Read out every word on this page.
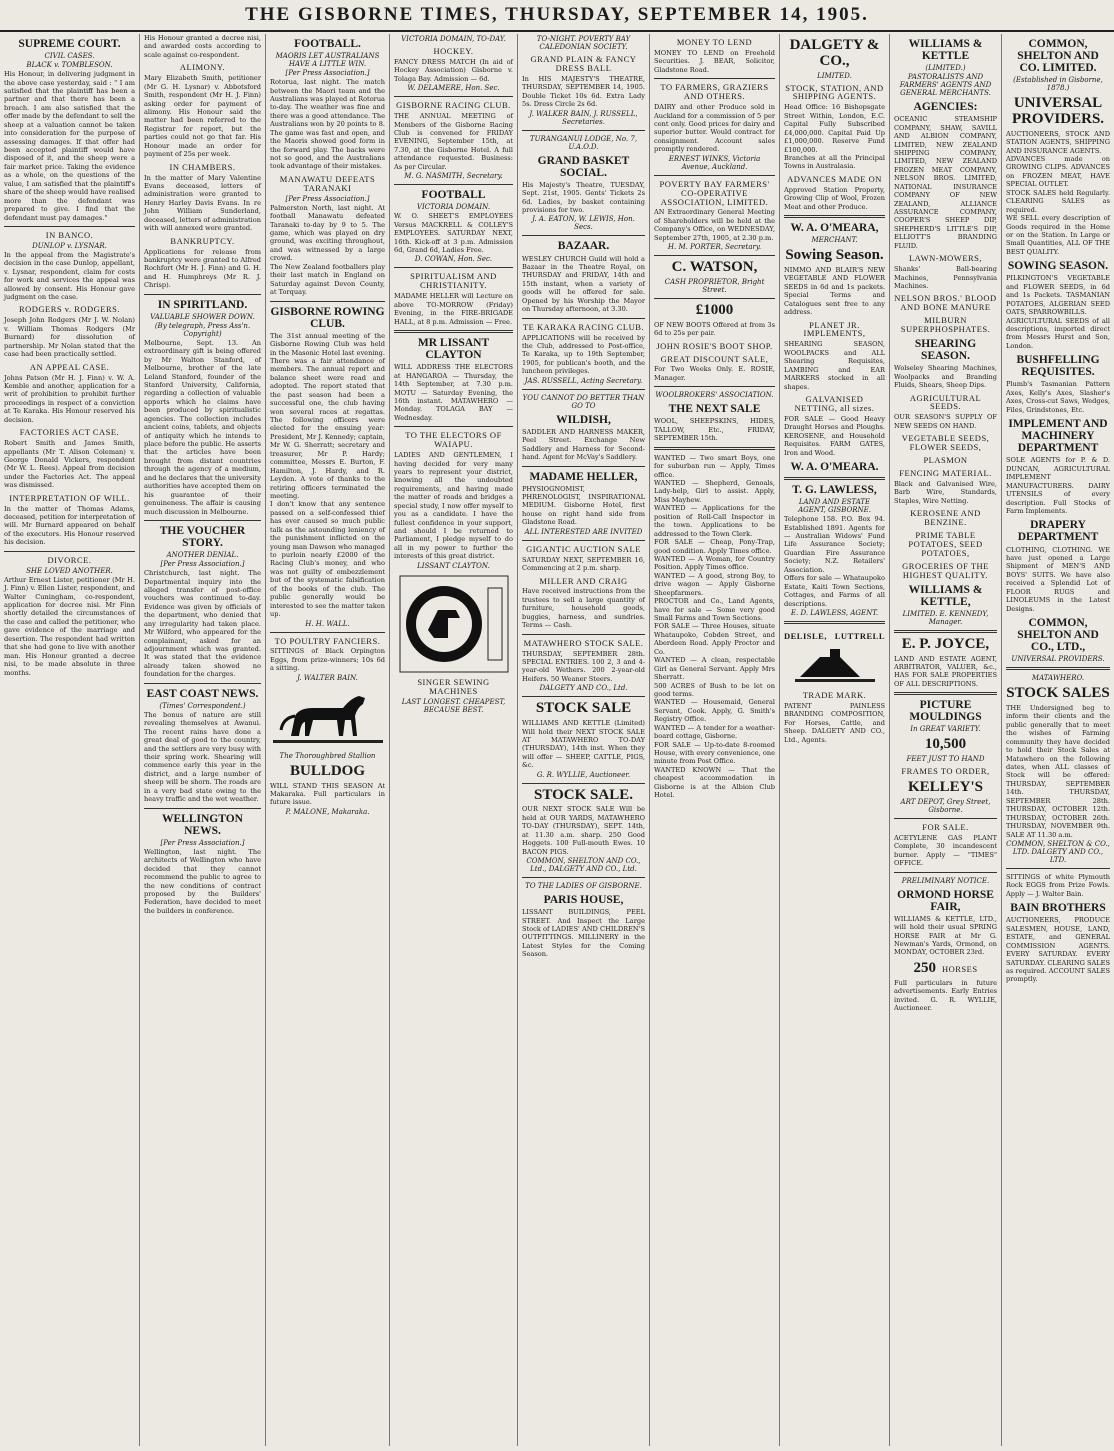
THE GISBORNE TIMES, THURSDAY, SEPTEMBER 14, 1905.
SUPREME COURT.
CIVIL CASES.
BLACK v. TOMBLESON.

His Honour, in delivering judgment in the above case yesterday, said : " I am satisfied that the plaintiff has been a partner and that there has been a breach. I am also satisfied that the offer made by the defendant to sell the sheep at a valuation cannot be taken into consideration for the purpose of assessing damages. If that offer had been accepted plaintiff would have disposed of it, and the sheep were a fair market price. Taking the evidence as a whole, on the questions of the value, I am satisfied that the plaintiff's share of the sheep would have realised more than the defendant was prepared to give. I find that the defendant must pay damages."

IN BANCO.
DUNLOP v. LYSNAR.

In the appeal from the Magistrate's decision in the case Dunlop, appellant, v. Lysnar, respondent, claim for costs for work and services the appeal was allowed by consent. His Honour gave judgment on the case.

RODGERS v. RODGERS.

Joseph John Rodgers (Mr J. W. Nolan) v. William Thomas Rodgers (Mr Burnard) for dissolution of partnership. Mr Nolan stated that the case had been practically settled.

AN APPEAL CASE.

Johns Patson (Mr H. J. Finn) v. W. A. Kemble and another, application for a writ of prohibition to prohibit further proceedings in respect of a conviction at Te Karaka. His Honour reserved his decision.

FACTORIES ACT CASE.

Robert Smith and James Smith, appellants (Mr T. Alison Coleman) v. George Donald Vickers, respondent (Mr W. L. Rees). Appeal from decision under the Factories Act. The appeal was dismissed.

INTERPRETATION OF WILL.

In the matter of Thomas Adams, deceased, petition for interpretation of will. Mr Burnard appeared on behalf of the executors. His Honour reserved his decision.

DIVORCE.
SHE LOVED ANOTHER.

Arthur Ernest Lister, petitioner (Mr H. J. Finn) v. Ellen Lister, respondent, and Walter Cuningham, co-respondent, application for decree nisi. Mr Finn shortly detailed the circumstances of the case and called the petitioner, who gave evidence of the marriage and desertion. The respondent had written that she had gone to live with another man. His Honour granted a decree nisi, to be made absolute in three months.

His Honour granted a decree nisi, and awarded costs according to scale against co-respondent.

ALIMONY.

Mary Elizabeth Smith, petitioner (Mr G. H. Lysnar) v. Abbotsford Smith, respondent (Mr H. J. Finn) asking order for payment of alimony. His Honour said the matter had been referred to the Registrar for report, but the parties could not go that far. His Honour made an order for payment of 25s per week.

IN CHAMBERS.

In the matter of Mary Valentine Evans deceased, letters of administration were granted to Henry Harley Davis Evans. In re John William Sunderland, deceased, letters of administration with will annexed were granted.

BANKRUPTCY.

Applications for release from bankruptcy were granted to Alfred Rochfort (Mr H. J. Finn) and G. H. and H. Humphreys (Mr R. J. Chrisp).

IN SPIRITLAND.
VALUABLE SHOWER DOWN.
(By telegraph, Press Ass'n. Copyright)

Melbourne, Sept. 13. An extraordinary gift is being offered by Mr Walton Stanford, of Melbourne, brother of the late Leland Stanford, founder of the Stanford University, California, regarding a collection of valuable apports which he claims have been produced by spiritualistic agencies. The collection includes ancient coins, tablets, and objects of antiquity which he intends to place before the public. He asserts that the articles have been brought from distant countries through the agency of a medium, and he declares that the university authorities have accepted them on his guarantee of their genuineness. The affair is causing much discussion in Melbourne.

THE VOUCHER STORY.
ANOTHER DENIAL.
[Per Press Association.]

Christchurch, last night. The Departmental inquiry into the alleged transfer of post-office vouchers was continued to-day. Evidence was given by officials of the department, who denied that any irregularity had taken place. Mr Wilford, who appeared for the complainant, asked for an adjournment which was granted. It was stated that the evidence already taken showed no foundation for the charges.

EAST COAST NEWS.
(Times' Correspondent.)

The bonus of nature are still revealing themselves at Awanui. The recent rains have done a great deal of good to the country, and the settlers are very busy with their spring work. Shearing will commence early this year in the district, and a large number of sheep will be shorn. The roads are in a very bad state owing to the heavy traffic and the wet weather.

WELLINGTON NEWS.
[Per Press Association.]

Wellington, last night. The architects of Wellington who have decided that they cannot recommend the public to agree to the new conditions of contract proposed by the Builders' Federation, have decided to meet the builders in conference.

FOOTBALL.
MAORIS LET AUSTRALIANS HAVE A LITTLE WIN.
[Per Press Association.]

Rotorua, last night. The match between the Maori team and the Australians was played at Rotorua to-day. The weather was fine and there was a good attendance. The Australians won by 20 points to 8. The game was fast and open, and the Maoris showed good form in the forward play. The backs were not so good, and the Australians took advantage of their mistakes.

MANAWATU DEFEATS TARANAKI
[Per Press Association.]

Palmerston North, last night. At football Manawatu defeated Taranaki to-day by 9 to 5. The game, which was played on dry ground, was exciting throughout, and was witnessed by a large crowd.

The New Zealand footballers play their last match in England on Saturday against Devon County, at Torquay.

GISBORNE ROWING CLUB.

The 31st annual meeting of the Gisborne Rowing Club was held in the Masonic Hotel last evening. There was a fair attendance of members. The annual report and balance sheet were read and adopted. The report stated that the past season had been a successful one, the club having won several races at regattas. The following officers were elected for the ensuing year: President, Mr J. Kennedy; captain, Mr W. G. Sherratt; secretary and treasurer, Mr P. Hardy; committee, Messrs E. Burton, F. Hamilton, J. Hardy, and R. Leyden. A vote of thanks to the retiring officers terminated the meeting.

I don't know that any sentence passed on a self-confessed thief has ever caused so much public talk as the astounding leniency of the punishment inflicted on the young man Dawson who managed to purloin nearly £2000 of the Racing Club's money, and who was not guilty of embezzlement but of the systematic falsification of the books of the club. The public generally would be interested to see the matter taken up.

H. H. WALL.
TO POULTRY FANCIERS.

SITTINGS of Black Orpington Eggs, from prize-winners; 10s 6d a sitting.

J. WALTER BAIN.
The Thoroughbred Stallion
BULLDOG

WILL STAND THIS SEASON At Makaraka. Full particulars in future issue.

P. MALONE, Makaraka.
VICTORIA DOMAIN, TO-DAY.
HOCKEY.

FANCY DRESS MATCH (In aid of Hockey Association) Gisborne v. Tolaga Bay. Admission — 6d.

W. DELAMERE, Hon. Sec.
GISBORNE RACING CLUB.

THE ANNUAL MEETING of Members of the Gisborne Racing Club is convened for FRIDAY EVENING, September 15th, at 7.30, at the Gisborne Hotel. A full attendance requested. Business: As per Circular.

M. G. NASMITH, Secretary.
FOOTBALL
VICTORIA DOMAIN.

W. O. SHEET'S EMPLOYEES Versus MACKRELL & COLLEY'S EMPLOYEES. SATURDAY NEXT, 16th. Kick-off at 3 p.m. Admission 6d, Grand 6d, Ladies Free.

D. COWAN, Hon. Sec.
SPIRITUALISM AND CHRISTIANITY.

MADAME HELLER will Lecture on above TO-MORROW (Friday) Evening, in the FIRE-BRIGADE HALL, at 8 p.m. Admission — Free.

MR LISSANT CLAYTON

WILL ADDRESS THE ELECTORS at HANGAROA — Thursday, the 14th September, at 7.30 p.m. MOTU — Saturday Evening, the 16th instant. MATAWHERO — Monday. TOLAGA BAY — Wednesday.

TO THE ELECTORS OF WAIAPU.

LADIES AND GENTLEMEN, I having decided for very many years to represent your district, knowing all the undoubted requirements, and having made the matter of roads and bridges a special study, I now offer myself to you as a candidate. I have the fullest confidence in your support, and should I be returned to Parliament, I pledge myself to do all in my power to further the interests of this great district.

LISSANT CLAYTON.
SINGER SEWING MACHINES
LAST LONGEST. CHEAPEST, BECAUSE BEST.
TO-NIGHT. POVERTY BAY CALEDONIAN SOCIETY.
GRAND PLAIN & FANCY DRESS BALL

In HIS MAJESTY'S THEATRE, THURSDAY, SEPTEMBER 14, 1905. Double Ticket 10s 6d. Extra Lady 5s. Dress Circle 2s 6d.

J. WALKER BAIN, J. RUSSELL, Secretaries.
TURANGANUI LODGE, No. 7, U.A.O.D.
GRAND BASKET SOCIAL.

His Majesty's Theatre, TUESDAY, Sept. 21st, 1905. Gents' Tickets 2s 6d. Ladies, by basket containing provisions for two.

J. A. EATON, W. LEWIS, Hon. Secs.
BAZAAR.

WESLEY CHURCH Guild will hold a Bazaar in the Theatre Royal, on THURSDAY and FRIDAY, 14th and 15th instant, when a variety of goods will be offered for sale. Opened by his Worship the Mayor on Thursday afternoon, at 3.30.

TE KARAKA RACING CLUB.

APPLICATIONS will be received by the Club, addressed to Post-office, Te Karaka, up to 19th September, 1905, for publican's booth, and the luncheon privileges.

JAS. RUSSELL, Acting Secretary.
YOU CANNOT DO BETTER THAN GO TO
WILDISH,

SADDLER AND HARNESS MAKER, Peel Street. Exchange New Saddlery and Harness for Second-hand. Agent for McVay's Saddlery.

MADAME HELLER,

PHYSIOGNOMIST, PHRENOLOGIST, INSPIRATIONAL MEDIUM. Gisborne Hotel, first house on right hand side from Gladstone Road.

ALL INTERESTED ARE INVITED
GIGANTIC AUCTION SALE

SATURDAY NEXT, SEPTEMBER 16, Commencing at 2 p.m. sharp.

MILLER AND CRAIG

Have received instructions from the trustees to sell a large quantity of furniture, household goods, buggies, harness, and sundries. Terms — Cash.

MATAWHERO STOCK SALE.

THURSDAY, SEPTEMBER 28th. SPECIAL ENTRIES. 100 2, 3 and 4-year-old Wethers. 200 2-year-old Heifers. 50 Weaner Steers.

DALGETY AND CO., Ltd.
STOCK SALE

WILLIAMS AND KETTLE (Limited) Will hold their NEXT STOCK SALE AT MATAWHERO TO-DAY (THURSDAY), 14th inst. When they will offer — SHEEP, CATTLE, PIGS, &c.

G. R. WYLLIE, Auctioneer.
STOCK SALE.

OUR NEXT STOCK SALE Will be held at OUR YARDS, MATAWHERO TO-DAY (THURSDAY), SEPT. 14th, at 11.30 a.m. sharp. 250 Good Hoggets. 100 Full-mouth Ewes. 10 BACON PIGS.

COMMON, SHELTON AND CO., Ltd., DALGETY AND CO., Ltd.
TO THE LADIES OF GISBORNE.
PARIS HOUSE,

LISSANT BUILDINGS, PEEL STREET. And Inspect the Large Stock of LADIES' AND CHILDREN'S OUTFITTINGS. MILLINERY in the Latest Styles for the Coming Season.

MONEY TO LEND

MONEY TO LEND on Freehold Securities. J. BEAR, Solicitor, Gladstone Road.

TO FARMERS, GRAZIERS AND OTHERS.

DAIRY and other Produce sold in Auckland for a commission of 5 per cent only. Good prices for dairy and superior butter. Would contract for consignment. Account sales promptly rendered.

ERNEST WINKS, Victoria Avenue, Auckland.
POVERTY BAY FARMERS' CO-OPERATIVE ASSOCIATION, LIMITED.

AN Extraordinary General Meeting of Shareholders will be held at the Company's Office, on WEDNESDAY, September 27th, 1905, at 2.30 p.m.

H. M. PORTER, Secretary.
C. WATSON,
CASH PROPRIETOR, Bright Street.
£1000

OF NEW BOOTS Offered at from 3s 6d to 25s per pair.

JOHN ROSIE'S BOOT SHOP.
GREAT DISCOUNT SALE,

For Two Weeks Only. E. ROSIE, Manager.

WOOLBROKERS' ASSOCIATION.
THE NEXT SALE

WOOL, SHEEPSKINS, HIDES, TALLOW, Etc., FRIDAY, SEPTEMBER 15th.

WANTED — Two smart Boys, one for suburban run — Apply, Times office.

WANTED — Shepherd, Genoals, Lady-help, Girl to assist. Apply, Miss Mayhew.

WANTED — Applications for the position of Roll-Call Inspector in the town. Applications to be addressed to the Town Clerk.

FOR SALE — Cheap, Pony-Trap, good condition. Apply Times office.

WANTED — A Woman, for Country Position. Apply Times office.

WANTED — A good, strong Boy, to drive wagon — Apply Gisborne Sheepfarmers.

PROCTOR and Co., Land Agents, have for sale — Some very good Small Farms and Town Sections.

FOR SALE — Three Houses, situate Whataupoko, Cobden Street, and Aberdeen Road. Apply Proctor and Co.

WANTED — A clean, respectable Girl as General Servant. Apply Mrs Sherratt.

500 ACRES of Bush to be let on good terms.

WANTED — Housemaid, General Servant, Cook. Apply, G. Smith's Registry Office.

WANTED — A tender for a weather-board cottage, Gisborne.

FOR SALE — Up-to-date 8-roomed House, with every convenience, one minute from Post Office.

WANTED KNOWN — That the cheapest accommodation in Gisborne is at the Albion Club Hotel.

DALGETY & CO.,
LIMITED.
STOCK, STATION, AND SHIPPING AGENTS.

Head Office: 16 Bishopsgate Street Within, London, E.C. Capital Fully Subscribed £4,000,000. Capital Paid Up £1,000,000. Reserve Fund £100,000.

Branches at all the Principal Towns in Australasia.

ADVANCES MADE ON

Approved Station Property, Growing Clip of Wool, Frozen Meat and other Produce.

W. A. O'MEARA,
MERCHANT.
Sowing Season.

NIMMO AND BLAIR'S NEW VEGETABLE AND FLOWER SEEDS in 6d and 1s packets. Special Terms and Catalogues sent free to any address.

PLANET JR. IMPLEMENTS,

SHEARING SEASON, WOOLPACKS and ALL Shearing Requisites, LAMBING and EAR MARKERS stocked in all shapes.

GALVANISED NETTING, all sizes.

FOR SALE — Good Heavy Draught Horses and Ploughs. KEROSENE, and Household Requisites. FARM GATES, Iron and Wood.

W. A. O'MEARA.
T. G. LAWLESS,
LAND AND ESTATE AGENT, GISBORNE.

Telephone 158. P.O. Box 94. Established 1891. Agents for — Australian Widows' Fund Life Assurance Society; Guardian Fire Assurance Society; N.Z. Retailers' Association.

Offers for sale — Whataupoko Estate, Kaiti Town Sections, Cottages, and Farms of all descriptions.

E. D. LAWLESS, AGENT.
DELISLE, LUTTRELL
TRADE MARK.

PATENT PAINLESS BRANDING COMPOSITION, For Horses, Cattle, and Sheep. DALGETY AND CO., Ltd., Agents.

WILLIAMS & KETTLE
(LIMITED.)
PASTORALISTS AND FARMERS' AGENTS AND GENERAL MERCHANTS.
AGENCIES:

OCEANIC STEAMSHIP COMPANY, SHAW, SAVILL AND ALBION COMPANY, LIMITED, NEW ZEALAND SHIPPING COMPANY, LIMITED, NEW ZEALAND FROZEN MEAT COMPANY, NELSON BROS. LIMITED, NATIONAL INSURANCE COMPANY OF NEW ZEALAND, ALLIANCE ASSURANCE COMPANY, COOPER'S SHEEP DIP, SHEPHERD'S LITTLE'S DIP, ELLIOTT'S BRANDING FLUID.

LAWN-MOWERS,

Shanks' Ball-bearing Machines, Pennsylvania Machines.

NELSON BROS.' BLOOD AND BONE MANURE
MILBURN SUPERPHOSPHATES.
SHEARING SEASON.

Wolseley Shearing Machines, Woolpacks and Branding Fluids, Shears, Sheep Dips.

AGRICULTURAL SEEDS.

OUR SEASON'S SUPPLY OF NEW SEEDS ON HAND.

VEGETABLE SEEDS, FLOWER SEEDS,
PLASMON
FENCING MATERIAL.

Black and Galvanised Wire, Barb Wire, Standards, Staples, Wire Netting.

KEROSENE AND BENZINE.
PRIME TABLE POTATOES, SEED POTATOES,
GROCERIES OF THE HIGHEST QUALITY.
WILLIAMS & KETTLE,
LIMITED. E. KENNEDY, Manager.
E. P. JOYCE,

LAND AND ESTATE AGENT, ARBITRATOR, VALUER, &c., HAS FOR SALE PROPERTIES OF ALL DESCRIPTIONS.

PICTURE MOULDINGS
In GREAT VARIETY.
10,500
FEET JUST TO HAND
FRAMES TO ORDER,
KELLEY'S
ART DEPOT, Grey Street, Gisborne.
FOR SALE.

ACETYLENE GAS PLANT Complete, 30 incandescent burner. Apply — "TIMES" OFFICE.

PRELIMINARY NOTICE.
ORMOND HORSE FAIR,

WILLIAMS & KETTLE, LTD., will hold their usual SPRING HORSE FAIR at Mr G. Newman's Yards, Ormond, on MONDAY, OCTOBER 23rd.

250 HORSES

Full particulars in future advertisements. Early Entries invited. G. R. WYLLIE, Auctioneer.

COMMON, SHELTON AND CO. LIMITED.
(Established in Gisborne, 1878.)
UNIVERSAL PROVIDERS.

AUCTIONEERS, STOCK AND STATION AGENTS, SHIPPING AND INSURANCE AGENTS.

ADVANCES made on GROWING CLIPS. ADVANCES on FROZEN MEAT, HAVE SPECIAL OUTLET.

STOCK SALES held Regularly. CLEARING SALES as required.

WE SELL every description of Goods required in the Home or on the Station. In Large or Small Quantities, ALL OF THE BEST QUALITY.

SOWING SEASON.

PILKINGTON'S VEGETABLE and FLOWER SEEDS, in 6d and 1s Packets. TASMANIAN POTATOES, ALGERIAN SEED OATS, SPARROWBILLS.

AGRICULTURAL SEEDS of all descriptions, imported direct from Messrs Hurst and Son, London.

BUSHFELLING REQUISITES.

Plumb's Tasmanian Pattern Axes, Kelly's Axes, Slasher's Axes, Cross-cut Saws, Wedges, Files, Grindstones, Etc.

IMPLEMENT AND MACHINERY DEPARTMENT

SOLE AGENTS for P. & D. DUNCAN, AGRICULTURAL IMPLEMENT MANUFACTURERS. DAIRY UTENSILS of every description. Full Stocks of Farm Implements.

DRAPERY DEPARTMENT

CLOTHING, CLOTHING. WE have just opened a Large Shipment of MEN'S AND BOYS' SUITS. We have also received a Splendid Lot of FLOOR RUGS and LINOLEUMS in the Latest Designs.

COMMON, SHELTON AND CO., LTD.,
UNIVERSAL PROVIDERS.
MATAWHERO.
STOCK SALES

THE Undersigned beg to inform their clients and the public generally that to meet the wishes of Farming community they have decided to hold their Stock Sales at Matawhero on the following dates, when ALL classes of Stock will be offered: THURSDAY, SEPTEMBER 14th. THURSDAY, SEPTEMBER 28th. THURSDAY, OCTOBER 12th. THURSDAY, OCTOBER 26th. THURSDAY, NOVEMBER 9th. SALE AT 11.30 a.m.

COMMON, SHELTON & CO., LTD. DALGETY AND CO., LTD.

SITTINGS of white Plymouth Rock EGGS from Prize Fowls. Apply — J. Walter Bain.

BAIN BROTHERS

AUCTIONEERS, PRODUCE SALESMEN, HOUSE, LAND, ESTATE, and GENERAL COMMISSION AGENTS. EVERY SATURDAY. EVERY SATURDAY. CLEARING SALES as required. ACCOUNT SALES promptly.
